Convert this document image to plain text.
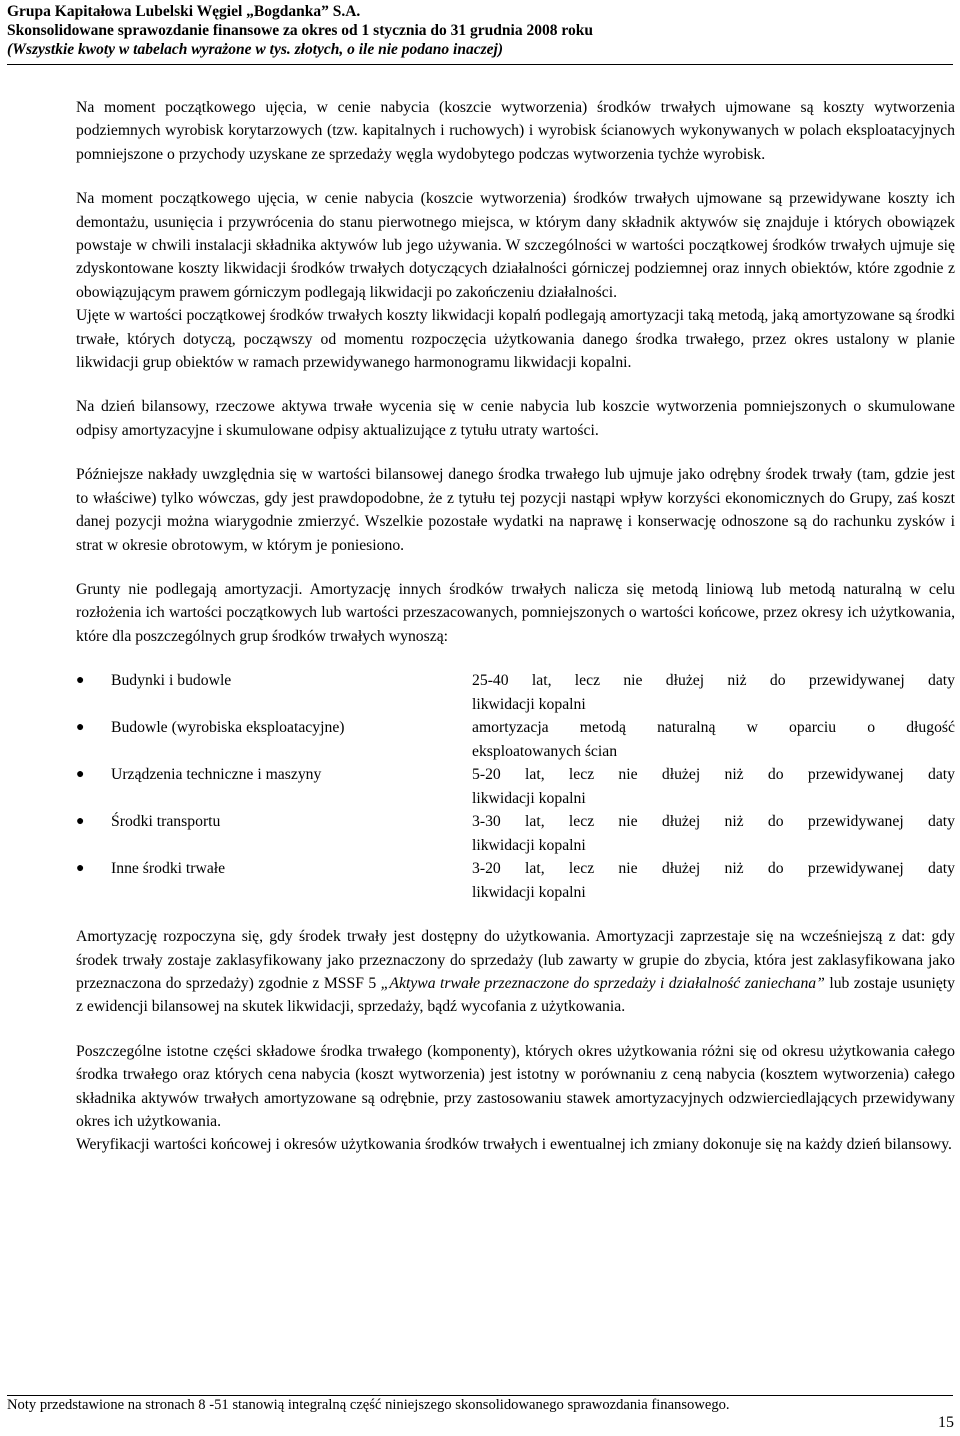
Grupa Kapitałowa Lubelski Węgiel „Bogdanka” S.A.
Skonsolidowane sprawozdanie finansowe za okres od 1 stycznia do 31 grudnia 2008 roku
(Wszystkie kwoty w tabelach wyrażone w tys. złotych, o ile nie podano inaczej)

Na moment początkowego ujęcia, w cenie nabycia (koszcie wytworzenia) środków trwałych ujmowane są koszty wytworzenia podziemnych wyrobisk korytarzowych (tzw. kapitalnych i ruchowych) i wyrobisk ścianowych wykonywanych w polach eksploatacyjnych pomniejszone o przychody uzyskane ze sprzedaży węgla wydobytego podczas wytworzenia tychże wyrobisk.

Na moment początkowego ujęcia, w cenie nabycia (koszcie wytworzenia) środków trwałych ujmowane są przewidywane koszty ich demontażu, usunięcia i przywrócenia do stanu pierwotnego miejsca, w którym dany składnik aktywów się znajduje i których obowiązek powstaje w chwili instalacji składnika aktywów lub jego używania. W szczególności w wartości początkowej środków trwałych ujmuje się zdyskontowane koszty likwidacji środków trwałych dotyczących działalności górniczej podziemnej oraz innych obiektów, które zgodnie z obowiązującym prawem górniczym podlegają likwidacji po zakończeniu działalności.

Ujęte w wartości początkowej środków trwałych koszty likwidacji kopalń podlegają amortyzacji taką metodą, jaką amortyzowane są środki trwałe, których dotyczą, począwszy od momentu rozpoczęcia użytkowania danego środka trwałego, przez okres ustalony w planie likwidacji grup obiektów w ramach przewidywanego harmonogramu likwidacji kopalni.

Na dzień bilansowy, rzeczowe aktywa trwałe wycenia się w cenie nabycia lub koszcie wytworzenia pomniejszonych o skumulowane odpisy amortyzacyjne i skumulowane odpisy aktualizujące z tytułu utraty wartości.

Późniejsze nakłady uwzględnia się w wartości bilansowej danego środka trwałego lub ujmuje jako odrębny środek trwały (tam, gdzie jest to właściwe) tylko wówczas, gdy jest prawdopodobne, że z tytułu tej pozycji nastąpi wpływ korzyści ekonomicznych do Grupy, zaś koszt danej pozycji można wiarygodnie zmierzyć. Wszelkie pozostałe wydatki na naprawę i konserwację odnoszone są do rachunku zysków i strat w okresie obrotowym, w którym je poniesiono.

Grunty nie podlegają amortyzacji. Amortyzację innych środków trwałych nalicza się metodą liniową lub metodą naturalną w celu rozłożenia ich wartości początkowych lub wartości przeszacowanych, pomniejszonych o wartości końcowe, przez okresy ich użytkowania, które dla poszczególnych grup środków trwałych wynoszą:

●	Budynki i budowle	25-40 lat, lecz nie dłużej niż do przewidywanej daty
likwidacji kopalni
●	Budowle (wyrobiska eksploatacyjne)	amortyzacja metodą naturalną w oparciu o długość
eksploatowanych ścian
●	Urządzenia techniczne i maszyny	5-20 lat, lecz nie dłużej niż do przewidywanej daty
likwidacji kopalni
●	Środki transportu	3-30 lat, lecz nie dłużej niż do przewidywanej daty
likwidacji kopalni
●	Inne środki trwałe	3-20 lat, lecz nie dłużej niż do przewidywanej daty
likwidacji kopalni

Amortyzację rozpoczyna się, gdy środek trwały jest dostępny do użytkowania. Amortyzacji zaprzestaje się na wcześniejszą z dat: gdy środek trwały zostaje zaklasyfikowany jako przeznaczony do sprzedaży (lub zawarty w grupie do zbycia, która jest zaklasyfikowana jako przeznaczona do sprzedaży) zgodnie z MSSF 5 „Aktywa trwałe przeznaczone do sprzedaży i działalność zaniechana” lub zostaje usunięty z ewidencji bilansowej na skutek likwidacji, sprzedaży, bądź wycofania z użytkowania.

Poszczególne istotne części składowe środka trwałego (komponenty), których okres użytkowania różni się od okresu użytkowania całego środka trwałego oraz których cena nabycia (koszt wytworzenia) jest istotny w porównaniu z ceną nabycia (kosztem wytworzenia) całego składnika aktywów trwałych amortyzowane są odrębnie, przy zastosowaniu stawek amortyzacyjnych odzwierciedlających przewidywany okres ich użytkowania.

Weryfikacji wartości końcowej i okresów użytkowania środków trwałych i ewentualnej ich zmiany dokonuje się na każdy dzień bilansowy.

Noty przedstawione na stronach 8 -51 stanowią integralną część niniejszego skonsolidowanego sprawozdania finansowego.
15
